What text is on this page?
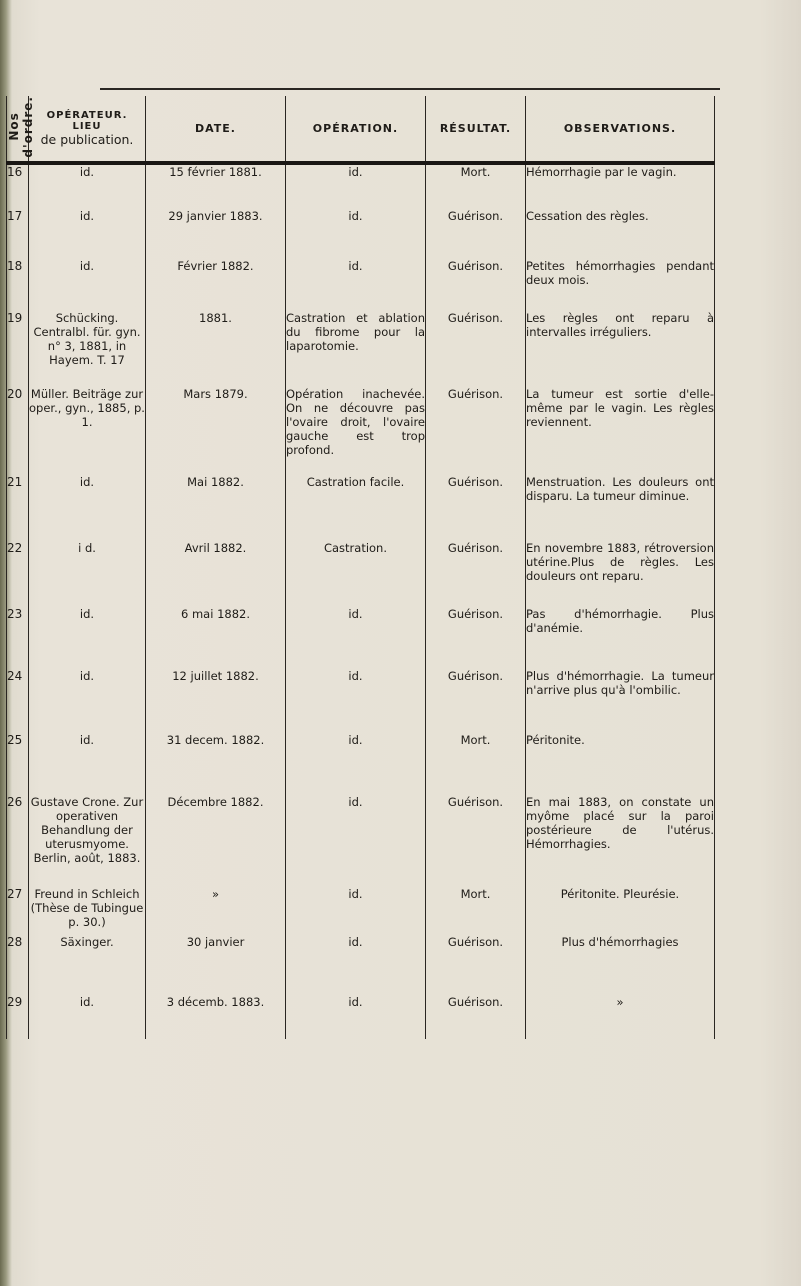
Nos d'ordre.	OPÉRATEUR.
LIEU
de publication.	DATE.	OPÉRATION.	RÉSULTAT.	OBSERVATIONS.
16	id.	15 février 1881.	id.	Mort.	Hémorrhagie par le vagin.
17	id.	29 janvier 1883.	id.	Guérison.	Cessation des règles.
18	id.	Février 1882.	id.	Guérison.	Petites hémorrhagies pendant deux mois.
19	Schücking. Centralbl. für. gyn. n° 3, 1881, in Hayem. T. 17	1881.	Castration et ablation du fibrome pour la laparotomie.	Guérison.	Les règles ont reparu à intervalles irréguliers.
20	Müller. Beiträge zur oper., gyn., 1885, p. 1.	Mars 1879.	Opération inachevée. On ne découvre pas l'ovaire droit, l'ovaire gauche est trop profond.	Guérison.	La tumeur est sortie d'elle-même par le vagin. Les règles reviennent.
21	id.	Mai 1882.	Castration facile.	Guérison.	Menstruation. Les douleurs ont disparu. La tumeur diminue.
22	i d.	Avril 1882.	Castration.	Guérison.	En novembre 1883, rétroversion utérine.Plus de règles. Les douleurs ont reparu.
23	id.	6 mai 1882.	id.	Guérison.	Pas d'hémorrhagie. Plus d'anémie.
24	id.	12 juillet 1882.	id.	Guérison.	Plus d'hémorrhagie. La tumeur n'arrive plus qu'à l'ombilic.
25	id.	31 decem. 1882.	id.	Mort.	Péritonite.
26	Gustave Crone. Zur operativen Behandlung der uterusmyome. Berlin, août, 1883.	Décembre 1882.	id.	Guérison.	En mai 1883, on constate un myôme placé sur la paroi postérieure de l'utérus. Hémorrhagies.
27	Freund in Schleich (Thèse de Tubingue p. 30.)	»	id.	Mort.	Péritonite. Pleurésie.
28	Säxinger.	30 janvier	id.	Guérison.	Plus d'hémorrhagies
29	id.	3 décemb. 1883.	id.	Guérison.	»
